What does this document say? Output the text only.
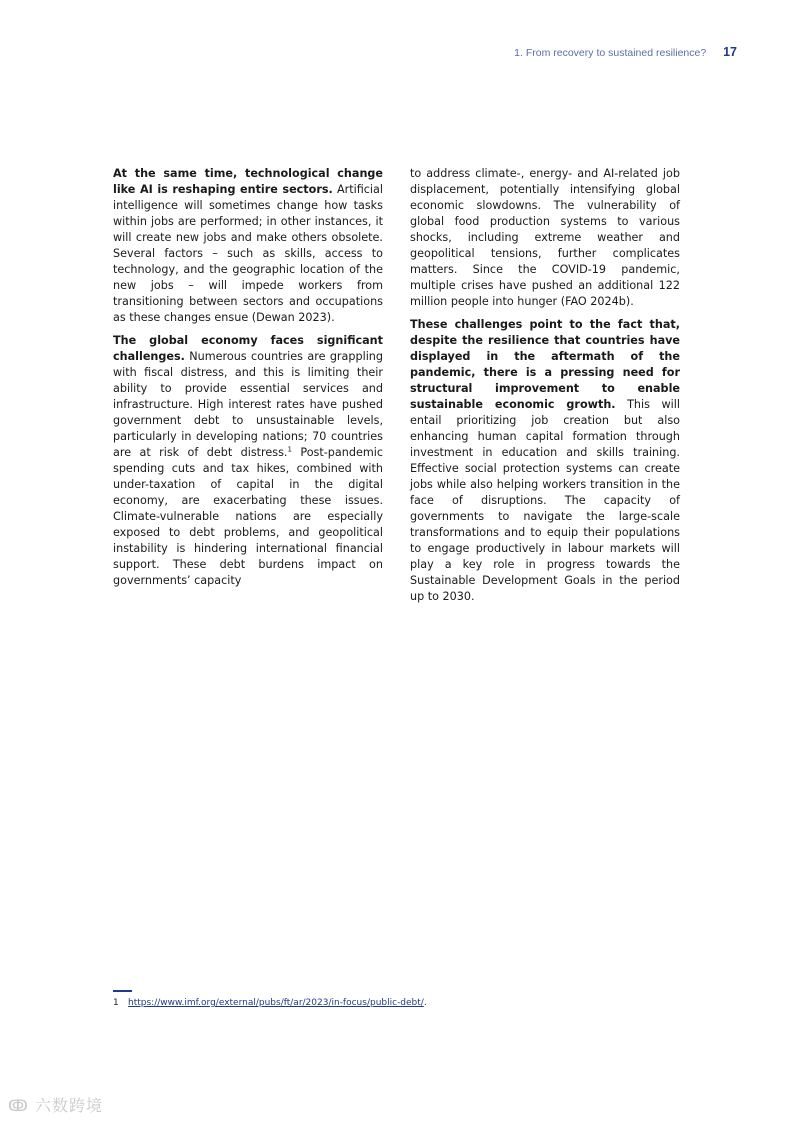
1. From recovery to sustained resilience? 17

At the same time, technological change like AI is reshaping entire sectors. Artificial intelligence will sometimes change how tasks within jobs are performed; in other instances, it will create new jobs and make others obsolete. Several factors – such as skills, access to technology, and the geographic location of the new jobs – will impede workers from transitioning between sectors and occupations as these changes ensue (Dewan 2023).

The global economy faces significant challenges. Numerous countries are grappling with fiscal distress, and this is limiting their ability to provide essential services and infrastructure. High interest rates have pushed government debt to unsustainable levels, particularly in developing nations; 70 countries are at risk of debt distress.$^1$ Post-pandemic spending cuts and tax hikes, combined with under-taxation of capital in the digital economy, are exacerbating these issues. Climate-vulnerable nations are especially exposed to debt problems, and geopolitical instability is hindering international financial support. These debt burdens impact on governments’ capacity

to address climate-, energy- and AI-related job displacement, potentially intensifying global economic slowdowns. The vulnerability of global food production systems to various shocks, including extreme weather and geopolitical tensions, further complicates matters. Since the COVID-19 pandemic, multiple crises have pushed an additional 122 million people into hunger (FAO 2024b).

These challenges point to the fact that, despite the resilience that countries have displayed in the aftermath of the pandemic, there is a pressing need for structural improvement to enable sustainable economic growth. This will entail prioritizing job creation but also enhancing human capital formation through investment in education and skills training. Effective social protection systems can create jobs while also helping workers transition in the face of disruptions. The capacity of governments to navigate the large-scale transformations and to equip their populations to engage productively in labour markets will play a key role in progress towards the Sustainable Development Goals in the period up to 2030.

1 https://www.imf.org/external/pubs/ft/ar/2023/in-focus/public-debt/.
ↂ 六数跨境
